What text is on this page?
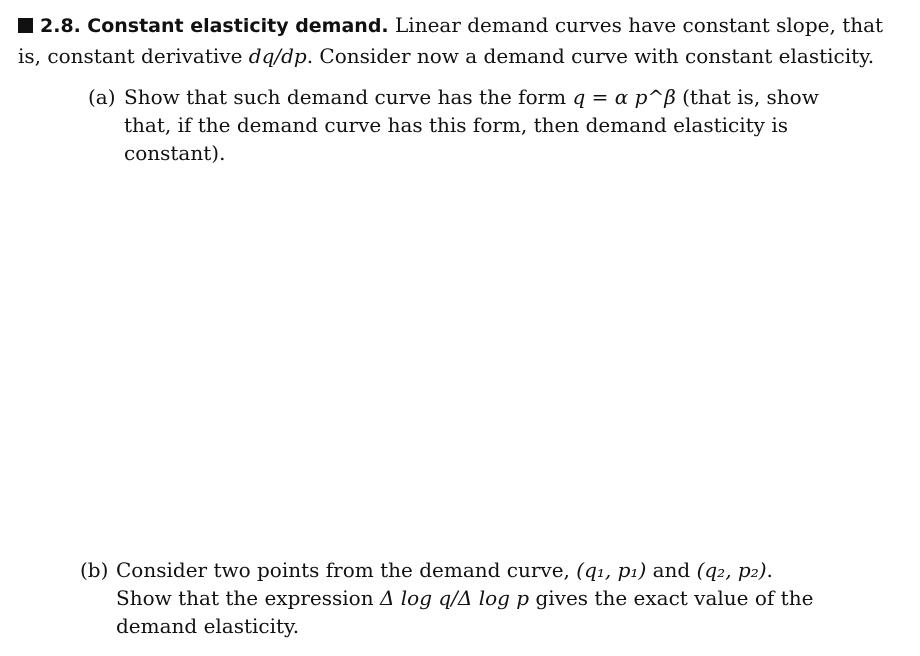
2.8. Constant elasticity demand. Linear demand curves have constant slope, that is, constant derivative dq/dp. Consider now a demand curve with constant elasticity.
(a) Show that such demand curve has the form q = α p^β (that is, show that, if the demand curve has this form, then demand elasticity is constant).
(b) Consider two points from the demand curve, (q₁, p₁) and (q₂, p₂). Show that the expression Δ log q/Δ log p gives the exact value of the demand elasticity.
